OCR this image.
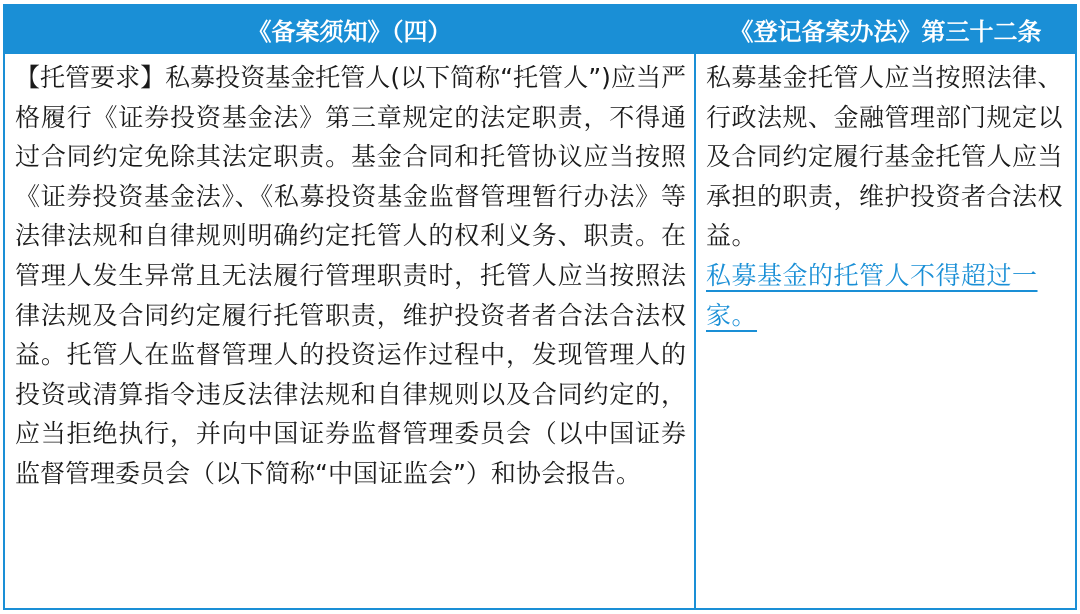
《备案须知》（四）	《登记备案办法》第三十二条
【托管要求】私募投资基金托管人(以下简称“托管人”)应当严格履行《证券投资基金法》第三章规定的法定职责，不得通过合同约定免除其法定职责。基金合同和托管协议应当按照《证券投资基金法》、《私募投资基金监督管理暂行办法》等法律法规和自律规则明确约定托管人的权利义务、职责。在管理人发生异常且无法履行管理职责时，托管人应当按照法律法规及合同约定履行托管职责，维护投资者者合法合法权益。托管人在监督管理人的投资运作过程中，发现管理人的投资或清算指令违反法律法规和自律规则以及合同约定的，应当拒绝执行，并向中国证券监督管理委员会（以中国证券监督管理委员会（以下简称“中国证监会”）和协会报告。	私募基金托管人应当按照法律、行政法规、金融管理部门规定以及合同约定履行基金托管人应当承担的职责，维护投资者合法权益。
私募基金的托管人不得超过一家。
